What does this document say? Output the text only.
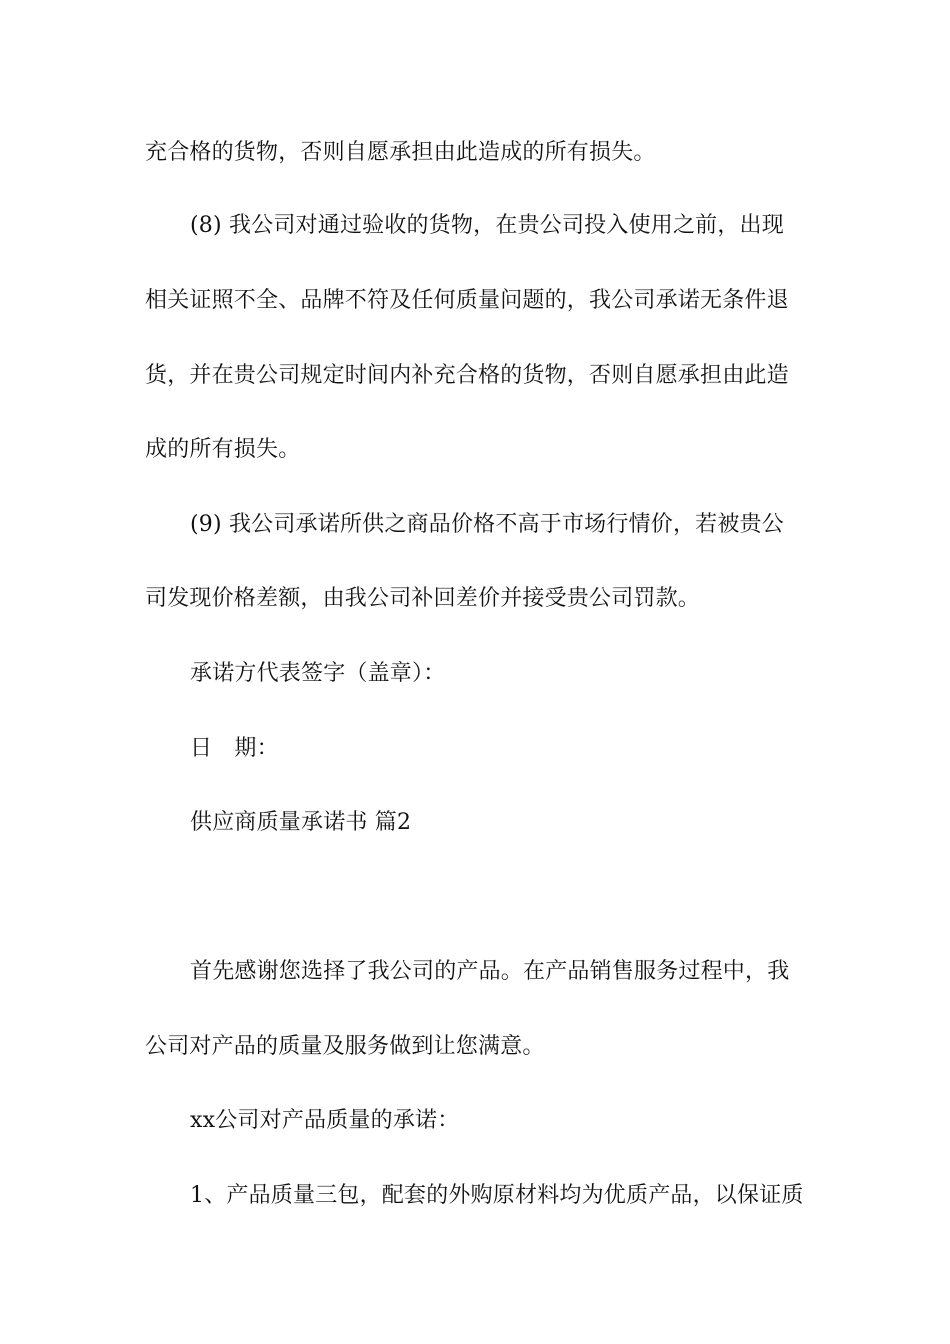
充合格的货物，否则自愿承担由此造成的所有损失。
(8) 我公司对通过验收的货物，在贵公司投入使用之前，出现
相关证照不全、品牌不符及任何质量问题的，我公司承诺无条件退
货，并在贵公司规定时间内补充合格的货物，否则自愿承担由此造
成的所有损失。
(9) 我公司承诺所供之商品价格不高于市场行情价，若被贵公
司发现价格差额，由我公司补回差价并接受贵公司罚款。
承诺方代表签字（盖章）：
日　期：
供应商质量承诺书 篇2
首先感谢您选择了我公司的产品。在产品销售服务过程中，我
公司对产品的质量及服务做到让您满意。
xx公司对产品质量的承诺：
1、产品质量三包，配套的外购原材料均为优质产品，以保证质
